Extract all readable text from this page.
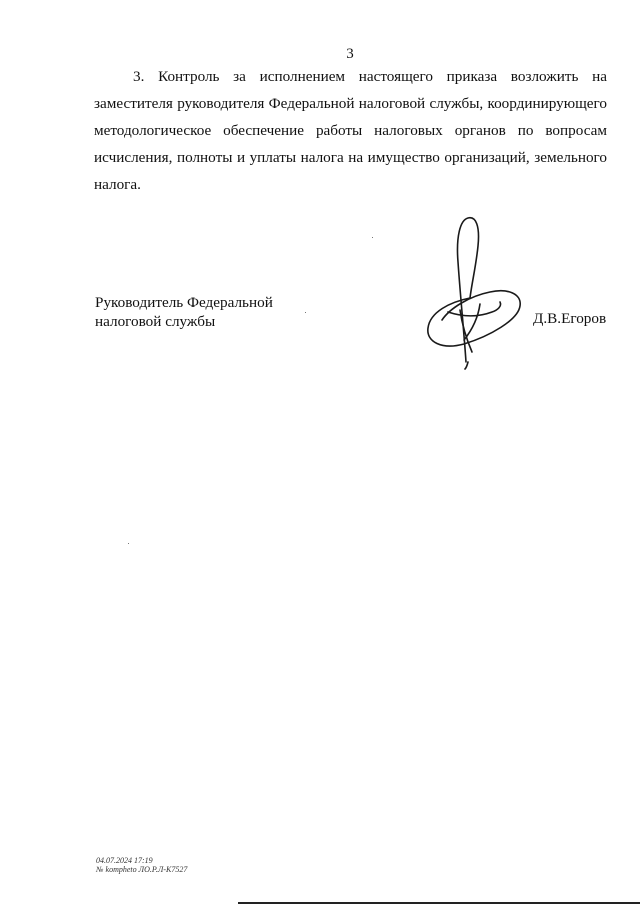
3

3. Контроль за исполнением настоящего приказа возложить на заместителя руководителя Федеральной налоговой службы, координирующего методологическое обеспечение работы налоговых органов по вопросам исчисления, полноты и уплаты налога на имущество организаций, земельного налога.

Руководитель Федеральной
налоговой службы	Д.В.Егоров
04.07.2024 17:19
№ kompheto ЛО.Р.Л-К7527
